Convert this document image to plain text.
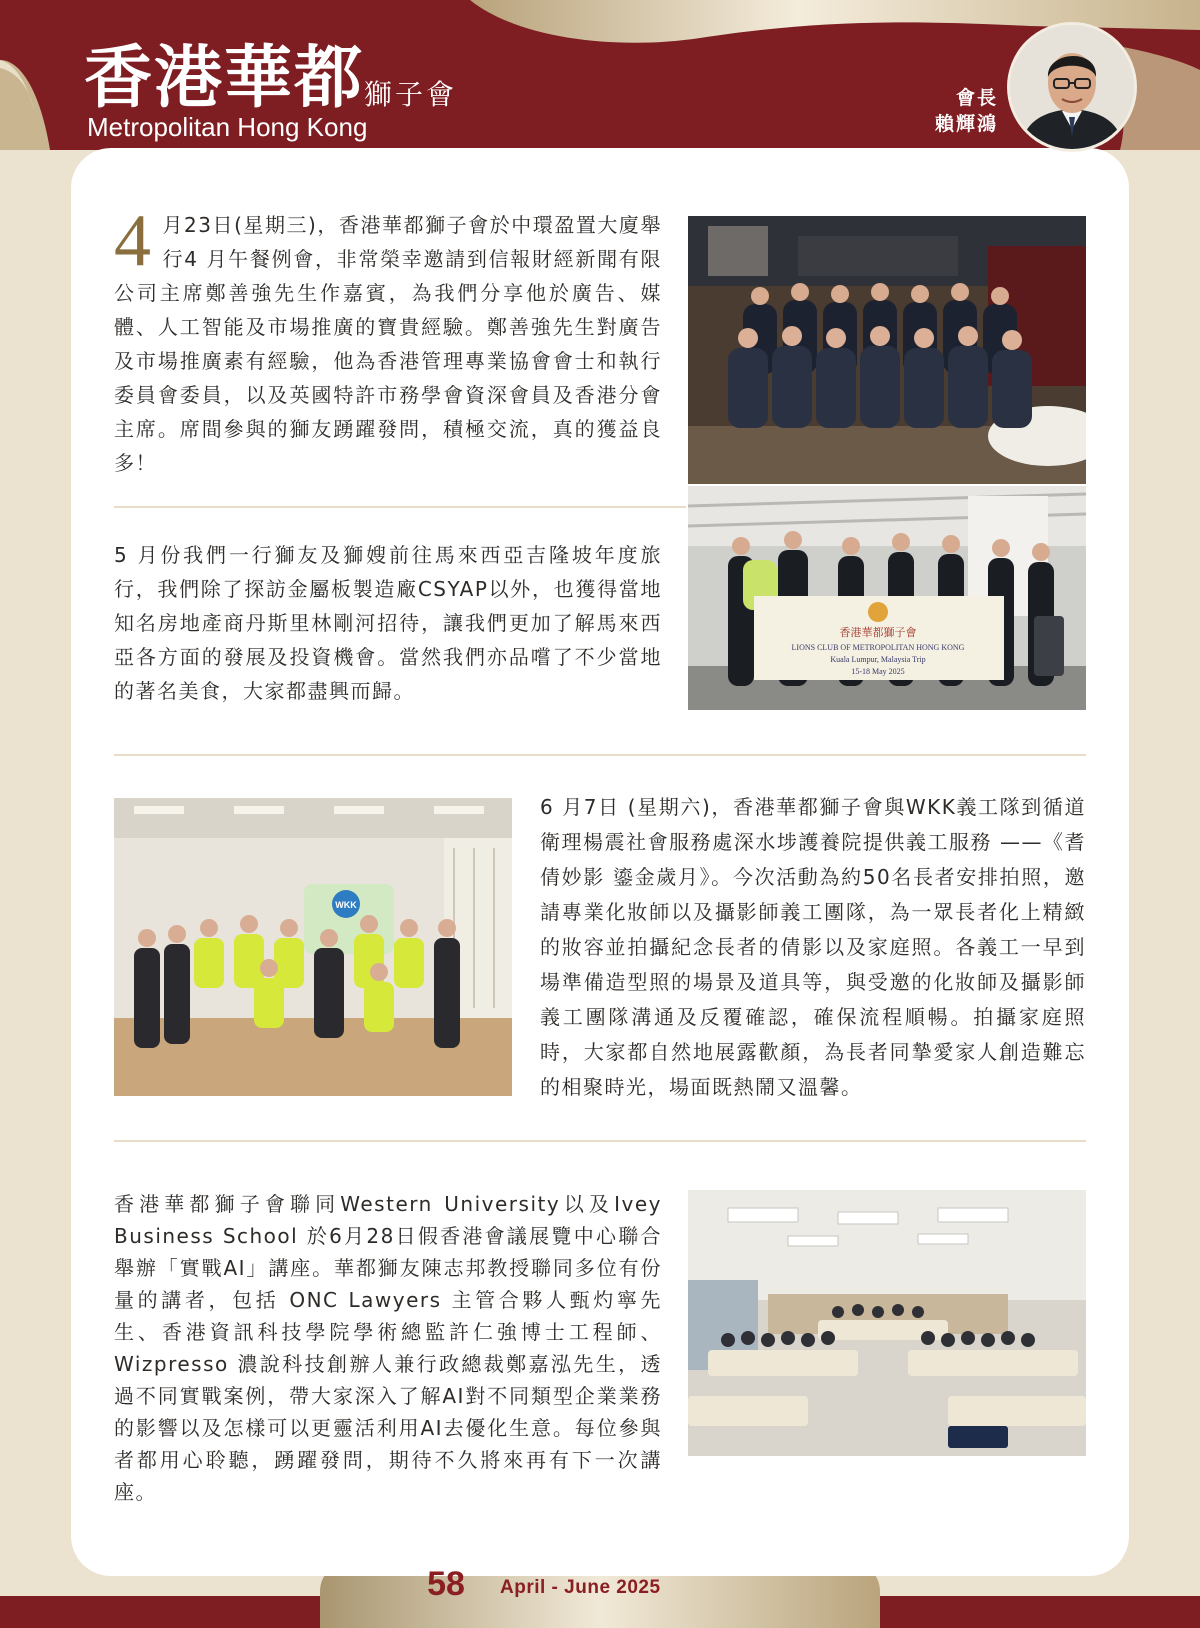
香港華都 獅子會
Metropolitan Hong Kong
會長
賴輝鴻

4 月23日(星期三)，香港華都獅子會於中環盈置大廈舉行4 月午餐例會，非常榮幸邀請到信報財經新聞有限公司主席鄭善強先生作嘉賓，為我們分享他於廣告、媒體、人工智能及市場推廣的寶貴經驗。鄭善強先生對廣告及市場推廣素有經驗，他為香港管理專業協會會士和執行委員會委員，以及英國特許市務學會資深會員及香港分會主席。席間參與的獅友踴躍發問，積極交流，真的獲益良多！

5 月份我們一行獅友及獅嫂前往馬來西亞吉隆坡年度旅行，我們除了探訪金屬板製造廠CSYAP以外，也獲得當地知名房地產商丹斯里林剛河招待，讓我們更加了解馬來西亞各方面的發展及投資機會。當然我們亦品嚐了不少當地的著名美食，大家都盡興而歸。

香港華都獅子會
LIONS CLUB OF METROPOLITAN HONG KONG
Kuala Lumpur, Malaysia Trip
15-18 May 2025
WKK

6 月7日 (星期六)，香港華都獅子會與WKK義工隊到循道衛理楊震社會服務處深水埗護養院提供義工服務 ——《耆倩妙影 鎏金歲月》。今次活動為約50名長者安排拍照，邀請專業化妝師以及攝影師義工團隊，為一眾長者化上精緻的妝容並拍攝紀念長者的倩影以及家庭照。各義工一早到場準備造型照的場景及道具等，與受邀的化妝師及攝影師義工團隊溝通及反覆確認，確保流程順暢。拍攝家庭照時，大家都自然地展露歡顏，為長者同摯愛家人創造難忘的相聚時光，場面既熱鬧又溫馨。

香港華都獅子會聯同Western University以及Ivey Business School 於6月28日假香港會議展覽中心聯合舉辦「實戰AI」講座。華都獅友陳志邦教授聯同多位有份量的講者，包括 ONC Lawyers 主管合夥人甄灼寧先生、香港資訊科技學院學術總監許仁強博士工程師、Wizpresso 濃說科技創辦人兼行政總裁鄭嘉泓先生，透過不同實戰案例，帶大家深入了解AI對不同類型企業業務的影響以及怎樣可以更靈活利用AI去優化生意。每位參與者都用心聆聽，踴躍發問，期待不久將來再有下一次講座。

58	April - June 2025
